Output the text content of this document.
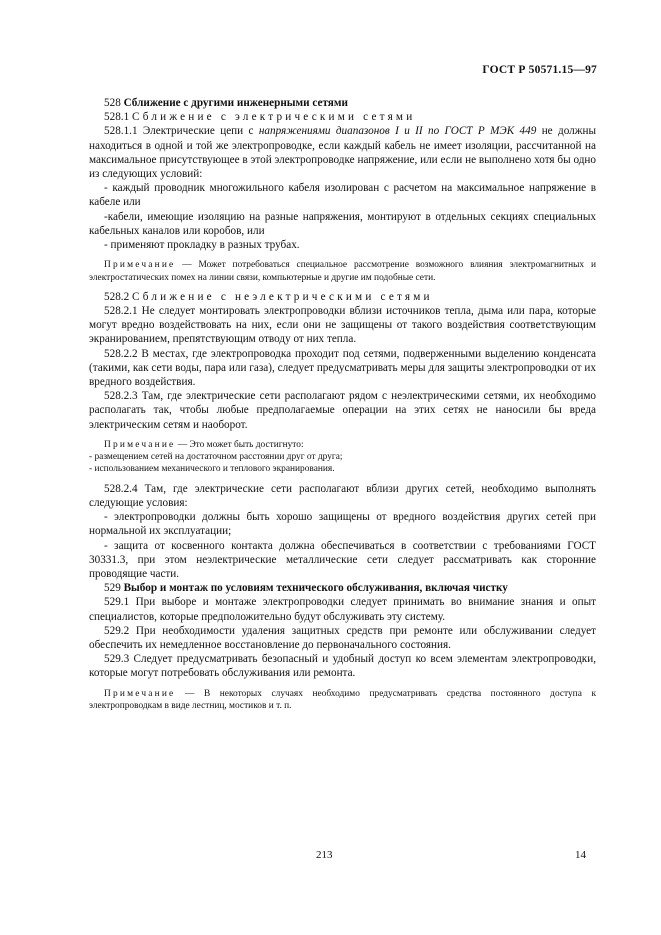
ГОСТ Р 50571.15—97

528 Сближение с другими инженерными сетями

528.1 Сближение с электрическими сетями

528.1.1 Электрические цепи с напряжениями диапазонов I и II по ГОСТ Р МЭК 449 не должны находиться в одной и той же электропроводке, если каждый кабель не имеет изоляции, рассчитанной на максимальное присутствующее в этой электропроводке напряжение, или если не выполнено хотя бы одно из следующих условий:

- каждый проводник многожильного кабеля изолирован с расчетом на максимальное напряжение в кабеле или

-кабели, имеющие изоляцию на разные напряжения, монтируют в отдельных секциях специальных кабельных каналов или коробов, или

- применяют прокладку в разных трубах.

Примечание — Может потребоваться специальное рассмотрение возможного влияния электромагнитных и электростатических помех на линии связи, компьютерные и другие им подобные сети.

528.2 Сближение с неэлектрическими сетями

528.2.1 Не следует монтировать электропроводки вблизи источников тепла, дыма или пара, которые могут вредно воздействовать на них, если они не защищены от такого воздействия соответствующим экранированием, препятствующим отводу от них тепла.

528.2.2 В местах, где электропроводка проходит под сетями, подверженными выделению конденсата (такими, как сети воды, пара или газа), следует предусматривать меры для защиты электропроводки от их вредного воздействия.

528.2.3 Там, где электрические сети располагают рядом с неэлектрическими сетями, их необходимо располагать так, чтобы любые предполагаемые операции на этих сетях не наносили бы вреда электрическим сетям и наоборот.

Примечание — Это может быть достигнуто:

- размещением сетей на достаточном расстоянии друг от друга;

- использованием механического и теплового экранирования.

528.2.4 Там, где электрические сети располагают вблизи других сетей, необходимо выполнять следующие условия:

- электропроводки должны быть хорошо защищены от вредного воздействия других сетей при нормальной их эксплуатации;

- защита от косвенного контакта должна обеспечиваться в соответствии с требованиями ГОСТ 30331.3, при этом неэлектрические металлические сети следует рассматривать как сторонние проводящие части.

529 Выбор и монтаж по условиям технического обслуживания, включая чистку

529.1 При выборе и монтаже электропроводки следует принимать во внимание знания и опыт специалистов, которые предположительно будут обслуживать эту систему.

529.2 При необходимости удаления защитных средств при ремонте или обслуживании следует обеспечить их немедленное восстановление до первоначального состояния.

529.3 Следует предусматривать безопасный и удобный доступ ко всем элементам электропроводки, которые могут потребовать обслуживания или ремонта.

Примечание — В некоторых случаях необходимо предусматривать средства постоянного доступа к электропроводкам в виде лестниц, мостиков и т. п.

213	14
